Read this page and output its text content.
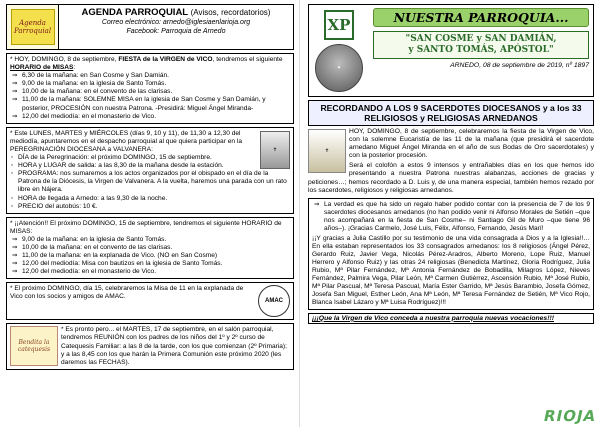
Agenda
Parroquial
AGENDA PARROQUIAL (Avisos, recordatorios)
Correo electrónico: arnedo@iglesiaenlarioja.org
Facebook: Parroquia de Arnedo

* HOY, DOMINGO, 8 de septiembre, FIESTA de la VIRGEN de VICO, tendremos el siguiente HORARIO de MISAS:

⇒ 6,30 de la mañana: en San Cosme y San Damián.
⇒ 9,00 de la mañana: en la iglesia de Santo Tomás.
⇒ 10,00 de la mañana: en el convento de las clarisas.
⇒ 11,00 de la mañana: SOLEMNE MISA en la iglesia de San Cosme y San Damián, y posterior, PROCESIÓN con nuestra Patrona. -Presidirá: Miguel Ángel Miranda-
⇒ 12,00 del mediodía: en el monasterio de Vico.
✝

* Este LUNES, MARTES y MIÉRCOLES (días 9, 10 y 11), de 11,30 a 12,30 del mediodía, apuntaremos en el despacho parroquial al que quiera participar en la PEREGRINACIÓN DIOCESANA a VALVANERA:

◦ DÍA de la Peregrinación: el próximo DOMINGO, 15 de septiembre.
◦ HORA y LUGAR de salida: a las 8,30 de la mañana desde la estación.
◦ PROGRAMA: nos sumaremos a los actos organizados por el obispado en el día de la Patrona de la Diócesis, la Virgen de Valvanera. A la vuelta, haremos una parada con un rato libre en Nájera.
◦ HORA de llegada a Arnedo: a las 9,30 de la noche.
◦ PRECIO del autobús: 10 €.

* ¡¡Atención!! El próximo DOMINGO, 15 de septiembre, tendremos el siguiente HORARIO de MISAS:

⇒ 9,00 de la mañana: en la iglesia de Santo Tomás.
⇒ 10,00 de la mañana: en el convento de las clarisas.
⇒ 11,00 de la mañana: en la explanada de Vico. (NO en San Cosme)
⇒ 12,00 del mediodía: Misa con bautizos en la iglesia de Santo Tomás.
⇒ 12,00 del mediodía: en el monasterio de Vico.
AMAC

* El próximo DOMINGO, día 15, celebraremos la Misa de 11 en la explanada de Vico con los socios y amigos de AMAC.

Bendita la catequesis

* Es pronto pero... el MARTES, 17 de septiembre, en el salón parroquial, tendremos REUNIÓN con los padres de los niños del 1º y 2º curso de Catequesis Familiar: a las 8 de la tarde, con los que comienzan (2º Primaria); y a las 8,45 con los que harán la Primera Comunión este próximo 2020 (les daremos las FECHAS).

XP
✦
NUESTRA PARROQUIA...
"SAN COSME y SAN DAMIÁN,
y SANTO TOMÁS, APÓSTOL"
ARNEDO, 08 de septiembre de 2019, nº 1897
RECORDANDO A LOS 9 SACERDOTES DIOCESANOS y a los 33 RELIGIOSOS y RELIGIOSAS ARNEDANOS
✝

HOY, DOMINGO, 8 de septiembre, celebraremos la fiesta de la Virgen de Vico, con la solemne Eucaristía de las 11 de la mañana (que presidirá el sacerdote arnedano Miguel Ángel Miranda en el año de sus Bodas de Oro sacerdotales) y con la posterior procesión.

Será el colofón a estos 9 intensos y entrañables días en los que hemos ido presentando a nuestra Patrona nuestras alabanzas, acciones de gracias y peticiones…; hemos recordado a D. Luis y, de una manera especial, también hemos rezado por los sacerdotes, religiosos y religiosas arnedanos.

⇒ La verdad es que ha sido un regalo haber podido contar con la presencia de 7 de los 9 sacerdotes diocesanos arnedanos (no han podido venir ni Alfonso Morales de Setién –que nos acompañará en la fiesta de San Cosme– ni Santiago Gil de Muro –que tiene 96 años–). ¡Gracias Carmelo, José Luis, Félix, Alfonso, Fernando, Jesús Marí!

¡¡Y gracias a Julia Castillo por su testimonio de una vida consagrada a Dios y a la Iglesia!!… En ella estaban representados los 33 consagrados arnedanos: los 8 religiosos (Ángel Pérez, Gerardo Ruiz, Javier Vega, Nicolás Pérez-Aradros, Alberto Moreno, Lope Ruiz, Manuel Herrero y Alfonso Ruiz) y las otras 24 religiosas (Benedicta Martínez, Gloria Rodríguez, Julia Rubio, Mª Pilar Fernández, Mª Antonia Fernández de Bobadilla, Milagros López, Nieves Fernández, Palmira Vega, Pilar León, Mª Carmen Gutiérrez, Ascensión Rubio, Mª José Rubio, Mª Pilar Pascual, Mª Teresa Pascual, María Ester Garrido, Mª Jesús Barambio, Josefa Gómez, Josefa San Miguel, Esther León, Ana Mª León, Mª Teresa Fernández de Setién, Mª Vico Rojo, Blanca Isabel Lázaro y Mª Luisa Rodríguez)!!!

¡¡¡Que la Virgen de Vico conceda a nuestra parroquia nuevas vocaciones!!!
RIOJA
